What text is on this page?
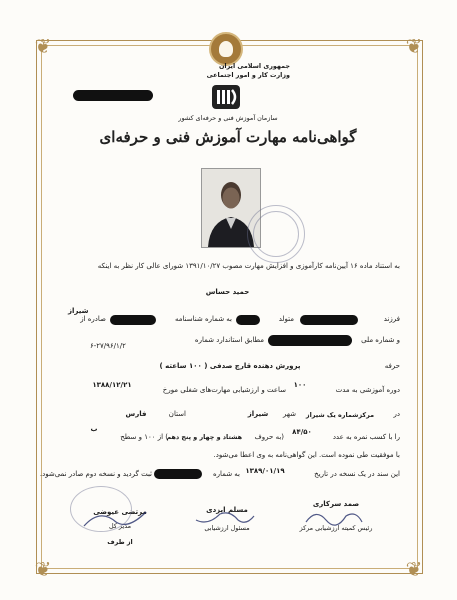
❦	❦
❦	❦
جمهوری اسلامی ایران
وزارت کار و امور اجتماعی
سازمان آموزش فنی و حرفه‌ای کشور
گواهی‌نامه مهارت آموزش فنی و حرفه‌ای
به استناد ماده ۱۶ آیین‌نامه کارآموزی و افزایش مهارت مصوب ۱۳۹۱/۱۰/۲۷ شورای عالی کار نظر به اینکه
حمید حساس
فرزند
متولد
به شماره شناسنامه
صادره از
شیراز
و شماره ملی
مطابق استاندارد شماره
۶-۲۷/۹۶/۱/۲
حرفه
پرورش دهنده قارچ صدفی ( ۱۰۰ ساعته )
دوره آموزشی به مدت
۱۰۰
ساعت و ارزشیابی مهارت‌های شغلی مورخ
۱۳۸۸/۱۲/۲۱
در
مرکزشماره یک شیراز
شهر
شیراز
استان
فارس
را با کسب نمره به عدد
۸۴/۵۰
(به حروف
هشتاد و چهار و پنج دهم
) از ۱۰۰ و سطح
ب
با موفقیت طی نموده است. این گواهی‌نامه به وی اعطا می‌شود.
این سند در یک نسخه در تاریخ
۱۳۸۹/۰۱/۱۹
به شماره
ثبت گردید و نسخه دوم صادر نمی‌شود.
صمد سرکاری
رئیس کمیته ارزشیابی مرکز
مسلم ایزدی
مسئول ارزشیابی
مرتضی عیوضی
مدیر کل
از طرف
